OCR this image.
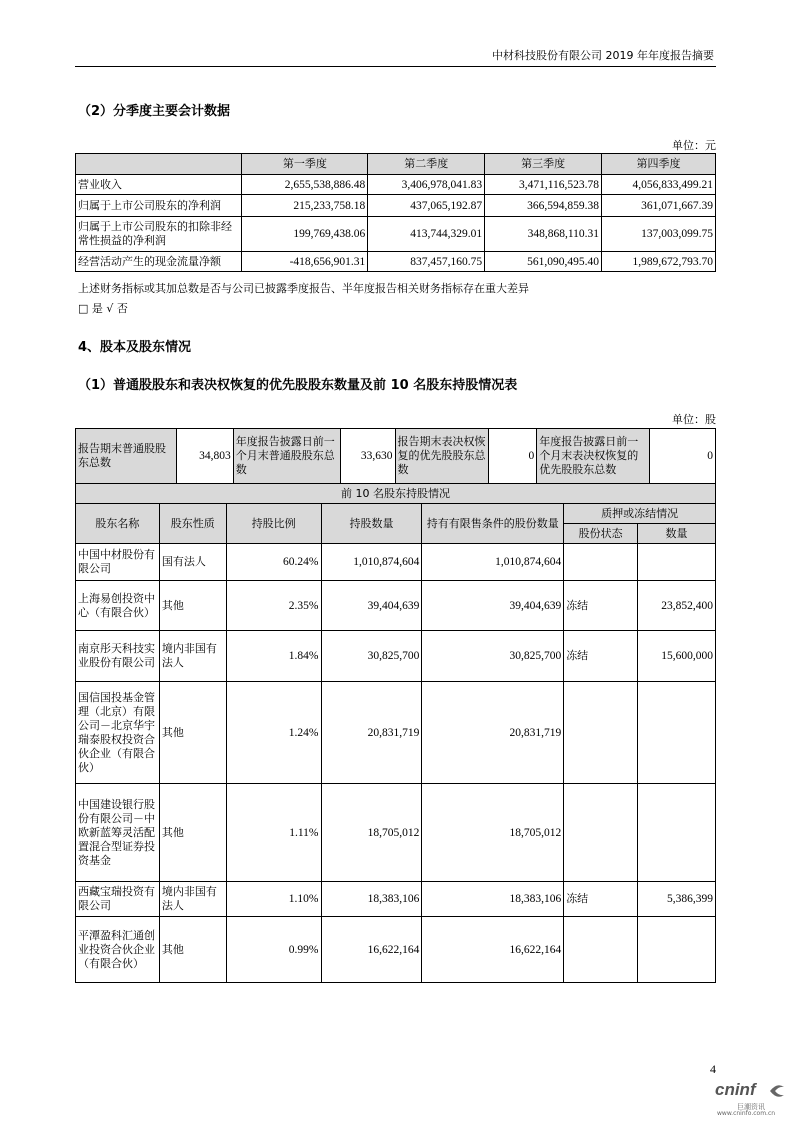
中材科技股份有限公司 2019 年年度报告摘要
（2）分季度主要会计数据
单位：元
	第一季度	第二季度	第三季度	第四季度
营业收入	2,655,538,886.48	3,406,978,041.83	3,471,116,523.78	4,056,833,499.21
归属于上市公司股东的净利润	215,233,758.18	437,065,192.87	366,594,859.38	361,071,667.39
归属于上市公司股东的扣除非经常性损益的净利润	199,769,438.06	413,744,329.01	348,868,110.31	137,003,099.75
经营活动产生的现金流量净额	-418,656,901.31	837,457,160.75	561,090,495.40	1,989,672,793.70
上述财务指标或其加总数是否与公司已披露季度报告、半年度报告相关财务指标存在重大差异
□ 是 √ 否
4、股本及股东情况
（1）普通股股东和表决权恢复的优先股股东数量及前 10 名股东持股情况表
单位：股
报告期末普通股股东总数	34,803	年度报告披露日前一个月末普通股股东总数	33,630	报告期末表决权恢复的优先股股东总数	0	年度报告披露日前一个月末表决权恢复的优先股股东总数	0
前 10 名股东持股情况						
股东名称	股东性质	持股比例	持股数量	持有有限售条件的股份数量	质押或冻结情况	
					股份状态	数量
中国中材股份有限公司	国有法人	60.24%	1,010,874,604	1,010,874,604		
上海易创投资中心（有限合伙）	其他	2.35%	39,404,639	39,404,639	冻结	23,852,400
南京彤天科技实业股份有限公司	境内非国有法人	1.84%	30,825,700	30,825,700	冻结	15,600,000
国信国投基金管理（北京）有限公司－北京华宇瑞泰股权投资合伙企业（有限合伙）	其他	1.24%	20,831,719	20,831,719		
中国建设银行股份有限公司－中欧新蓝筹灵活配置混合型证券投资基金	其他	1.11%	18,705,012	18,705,012		
西藏宝瑞投资有限公司	境内非国有法人	1.10%	18,383,106	18,383,106	冻结	5,386,399
平潭盈科汇通创业投资合伙企业（有限合伙）	其他	0.99%	16,622,164	16,622,164		
4
cninf
巨潮资讯
www.cninfo.com.cn
